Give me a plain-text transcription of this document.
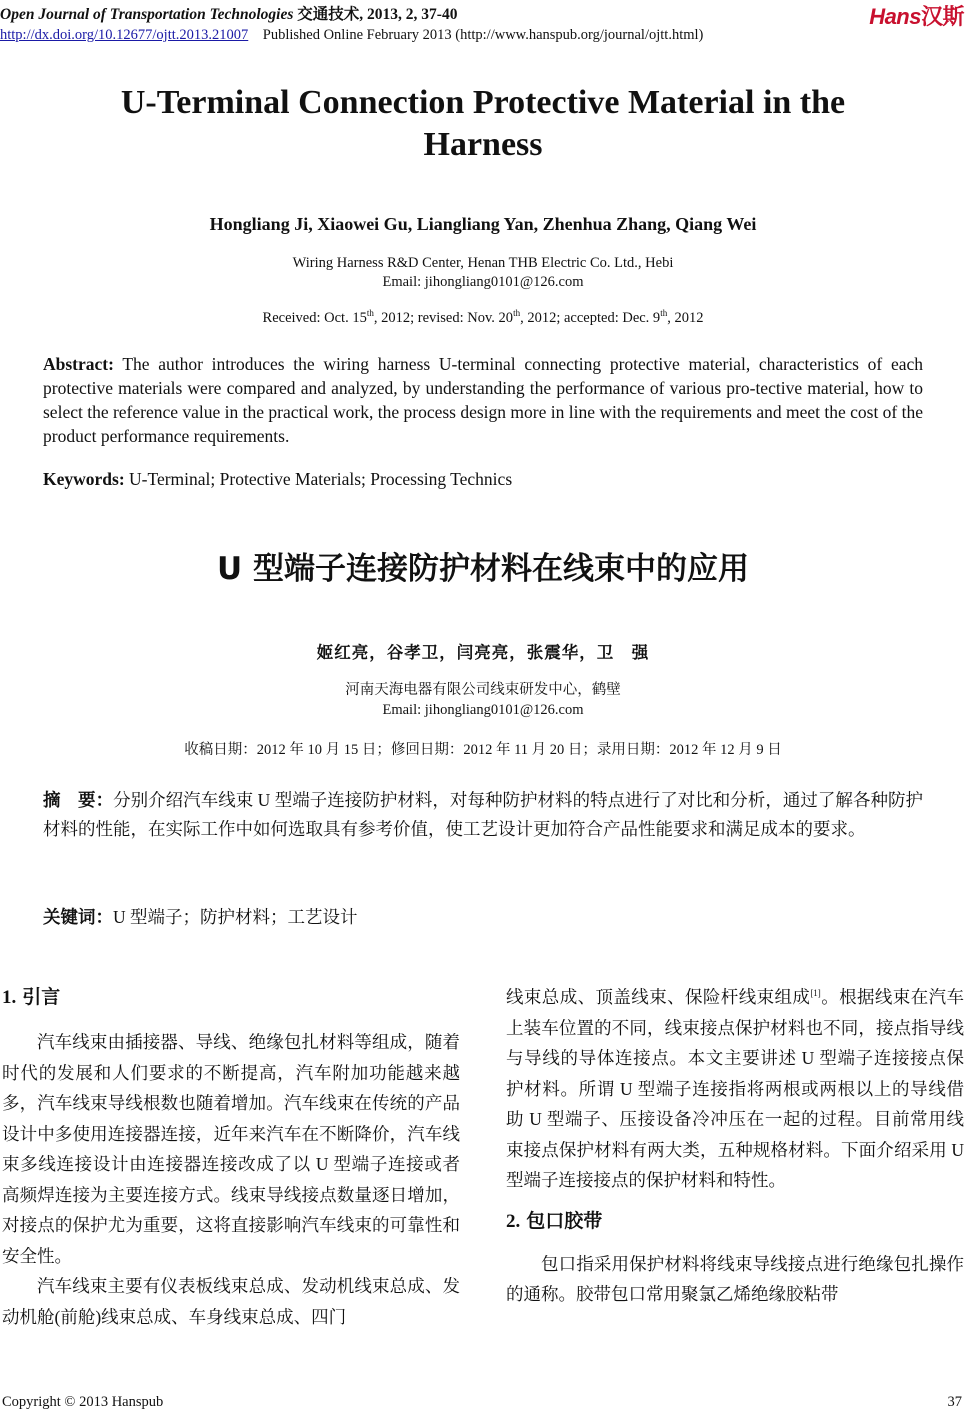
Open Journal of Transportation Technologies 交通技术, 2013, 2, 37-40
http://dx.doi.org/10.12677/ojtt.2013.21007 Published Online February 2013 (http://www.hanspub.org/journal/ojtt.html)
Hans汉斯
U-Terminal Connection Protective Material in the
Harness
Hongliang Ji, Xiaowei Gu, Liangliang Yan, Zhenhua Zhang, Qiang Wei
Wiring Harness R&D Center, Henan THB Electric Co. Ltd., Hebi
Email: jihongliang0101@126.com
Received: Oct. 15th, 2012; revised: Nov. 20th, 2012; accepted: Dec. 9th, 2012
Abstract: The author introduces the wiring harness U-terminal connecting protective material, characteristics of each protective materials were compared and analyzed, by understanding the performance of various pro-tective material, how to select the reference value in the practical work, the process design more in line with the requirements and meet the cost of the product performance requirements.
Keywords: U-Terminal; Protective Materials; Processing Technics
U 型端子连接防护材料在线束中的应用
姬红亮，谷孝卫，闫亮亮，张震华，卫　强
河南天海电器有限公司线束研发中心，鹤壁
Email: jihongliang0101@126.com
收稿日期：2012 年 10 月 15 日；修回日期：2012 年 11 月 20 日；录用日期：2012 年 12 月 9 日
摘　要：分别介绍汽车线束 U 型端子连接防护材料，对每种防护材料的特点进行了对比和分析，通过了解各种防护材料的性能，在实际工作中如何选取具有参考价值，使工艺设计更加符合产品性能要求和满足成本的要求。
关键词：U 型端子；防护材料；工艺设计
1. 引言

汽车线束由插接器、导线、绝缘包扎材料等组成，随着时代的发展和人们要求的不断提高，汽车附加功能越来越多，汽车线束导线根数也随着增加。汽车线束在传统的产品设计中多使用连接器连接，近年来汽车在不断降价，汽车线束多线连接设计由连接器连接改成了以 U 型端子连接或者高频焊连接为主要连接方式。线束导线接点数量逐日增加，对接点的保护尤为重要，这将直接影响汽车线束的可靠性和安全性。

汽车线束主要有仪表板线束总成、发动机线束总成、发动机舱(前舱)线束总成、车身线束总成、四门

线束总成、顶盖线束、保险杆线束组成[1]。根据线束在汽车上装车位置的不同，线束接点保护材料也不同，接点指导线与导线的导体连接点。本文主要讲述 U 型端子连接接点保护材料。所谓 U 型端子连接指将两根或两根以上的导线借助 U 型端子、压接设备冷冲压在一起的过程。目前常用线束接点保护材料有两大类，五种规格材料。下面介绍采用 U 型端子连接接点的保护材料和特性。

2. 包口胶带

包口指采用保护材料将线束导线接点进行绝缘包扎操作的通称。胶带包口常用聚氯乙烯绝缘胶粘带

Copyright © 2013 Hanspub	37
